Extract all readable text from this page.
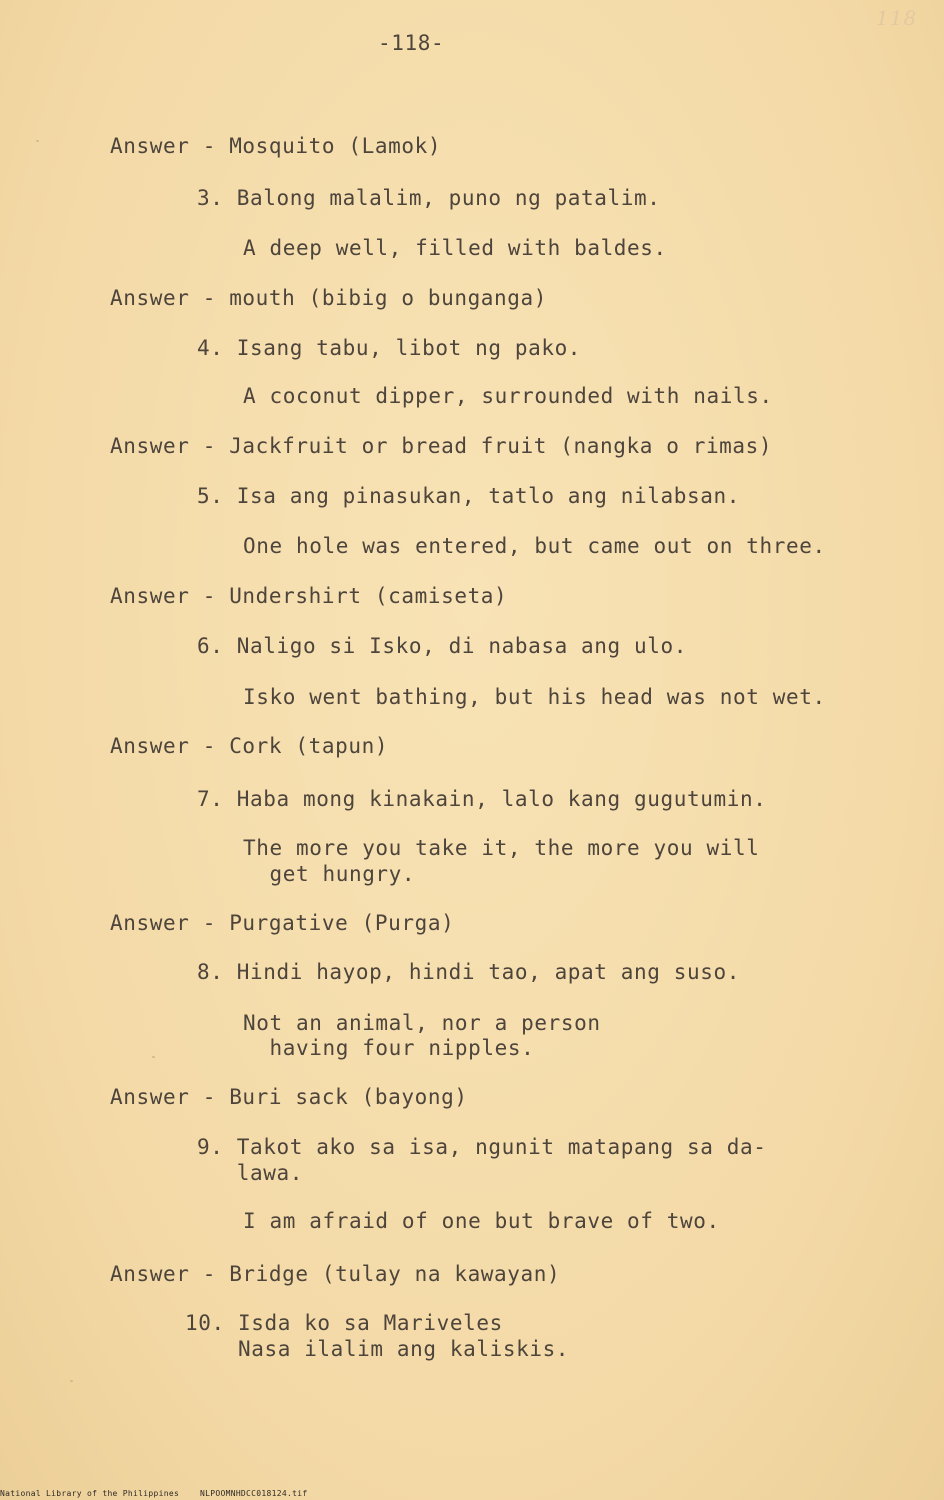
118
-118-
Answer - Mosquito (Lamok)
3. Balong malalim, puno ng patalim.
A deep well, filled with baldes.
Answer - mouth (bibig o bunganga)
4. Isang tabu, libot ng pako.
A coconut dipper, surrounded with nails.
Answer - Jackfruit or bread fruit (nangka o rimas)
5. Isa ang pinasukan, tatlo ang nilabsan.
One hole was entered, but came out on three.
Answer - Undershirt (camiseta)
6. Naligo si Isko, di nabasa ang ulo.
Isko went bathing, but his head was not wet.
Answer - Cork (tapun)
7. Haba mong kinakain, lalo kang gugutumin.
The more you take it, the more you will
get hungry.
Answer - Purgative (Purga)
8. Hindi hayop, hindi tao, apat ang suso.
Not an animal, nor a person
having four nipples.
Answer - Buri sack (bayong)
9. Takot ako sa isa, ngunit matapang sa da-
lawa.
I am afraid of one but brave of two.
Answer - Bridge (tulay na kawayan)
10. Isda ko sa Mariveles
Nasa ilalim ang kaliskis.
National Library of the Philippines	NLPOOMNHDCC018124.tif
